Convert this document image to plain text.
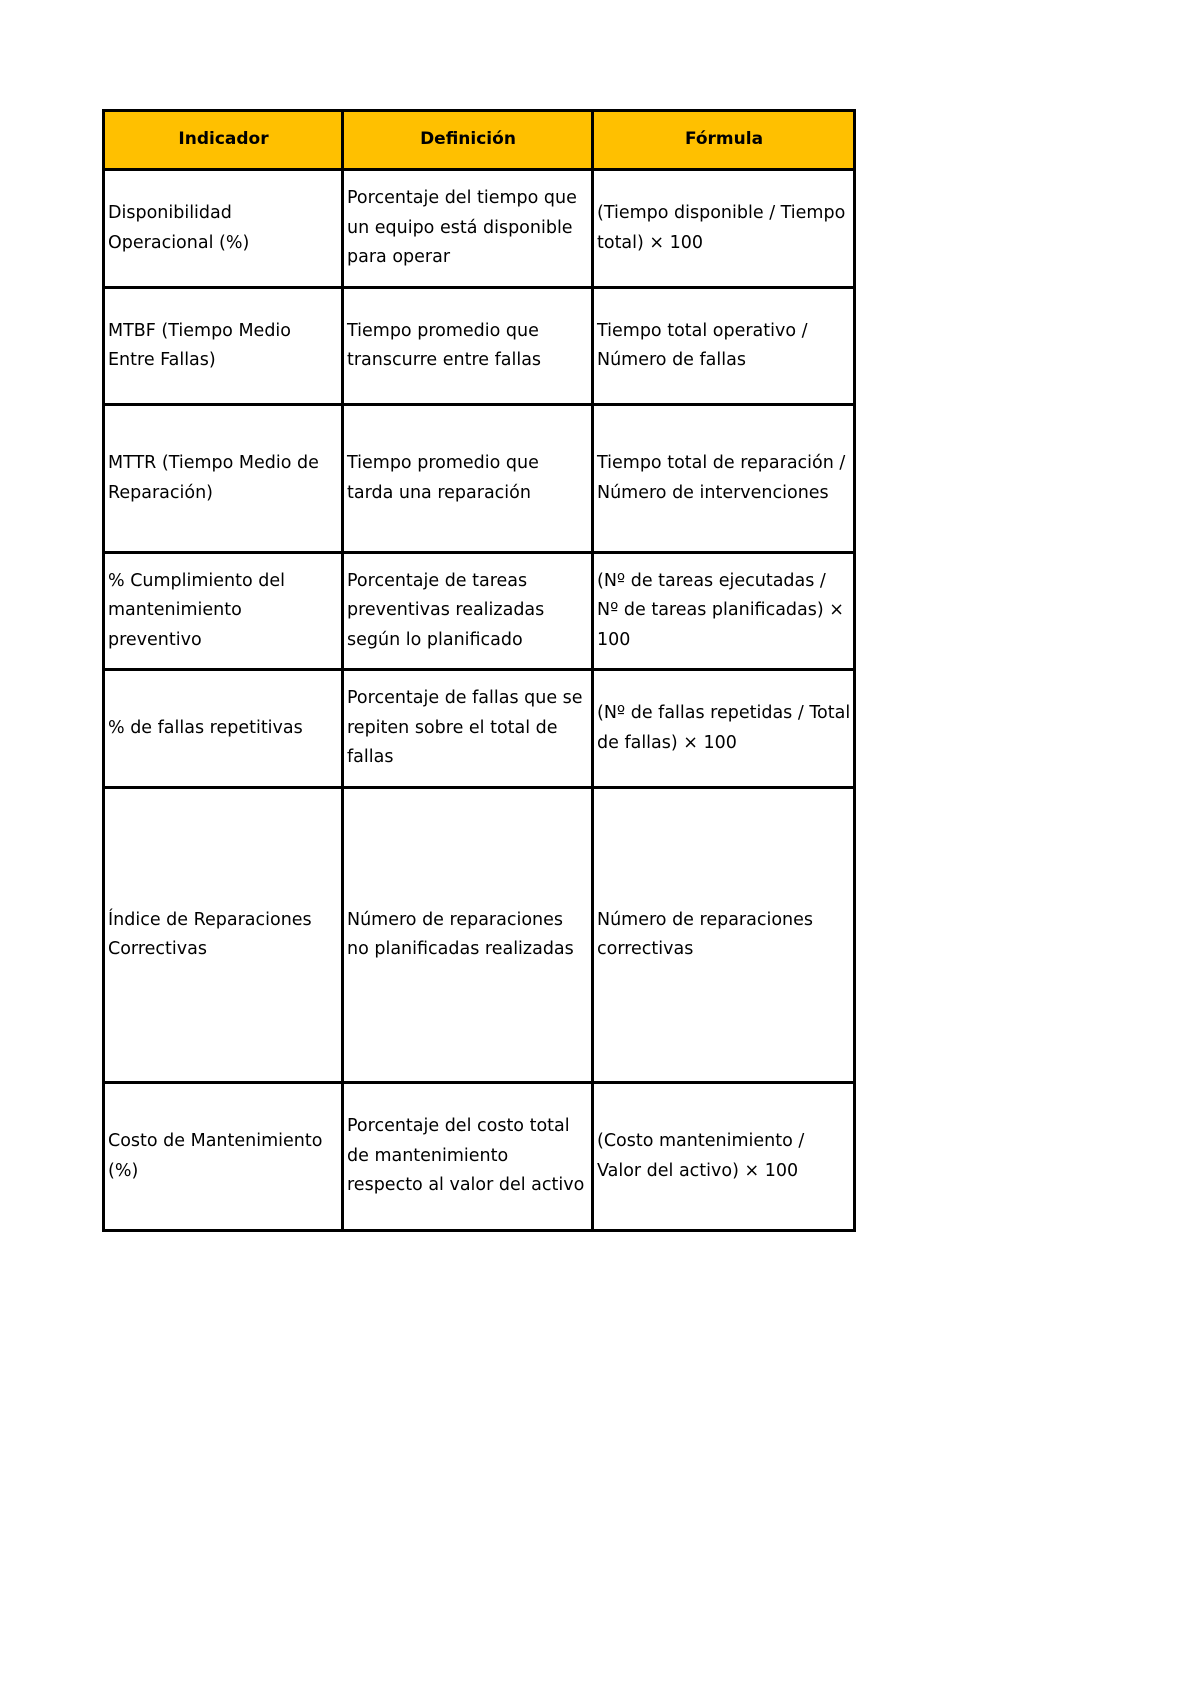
Indicador	Definición	Fórmula
Disponibilidad Operacional (%)	Porcentaje del tiempo que un equipo está disponible para operar	(Tiempo disponible / Tiempo total) × 100
MTBF (Tiempo Medio Entre Fallas)	Tiempo promedio que transcurre entre fallas	Tiempo total operativo / Número de fallas
MTTR (Tiempo Medio de Reparación)	Tiempo promedio que tarda una reparación	Tiempo total de reparación / Número de intervenciones
% Cumplimiento del mantenimiento preventivo	Porcentaje de tareas preventivas realizadas según lo planificado	(Nº de tareas ejecutadas / Nº de tareas planificadas) × 100
% de fallas repetitivas	Porcentaje de fallas que se repiten sobre el total de fallas	(Nº de fallas repetidas / Total de fallas) × 100
Índice de Reparaciones Correctivas	Número de reparaciones no planificadas realizadas	Número de reparaciones correctivas
Costo de Mantenimiento (%)	Porcentaje del costo total de mantenimiento respecto al valor del activo	(Costo mantenimiento / Valor del activo) × 100
